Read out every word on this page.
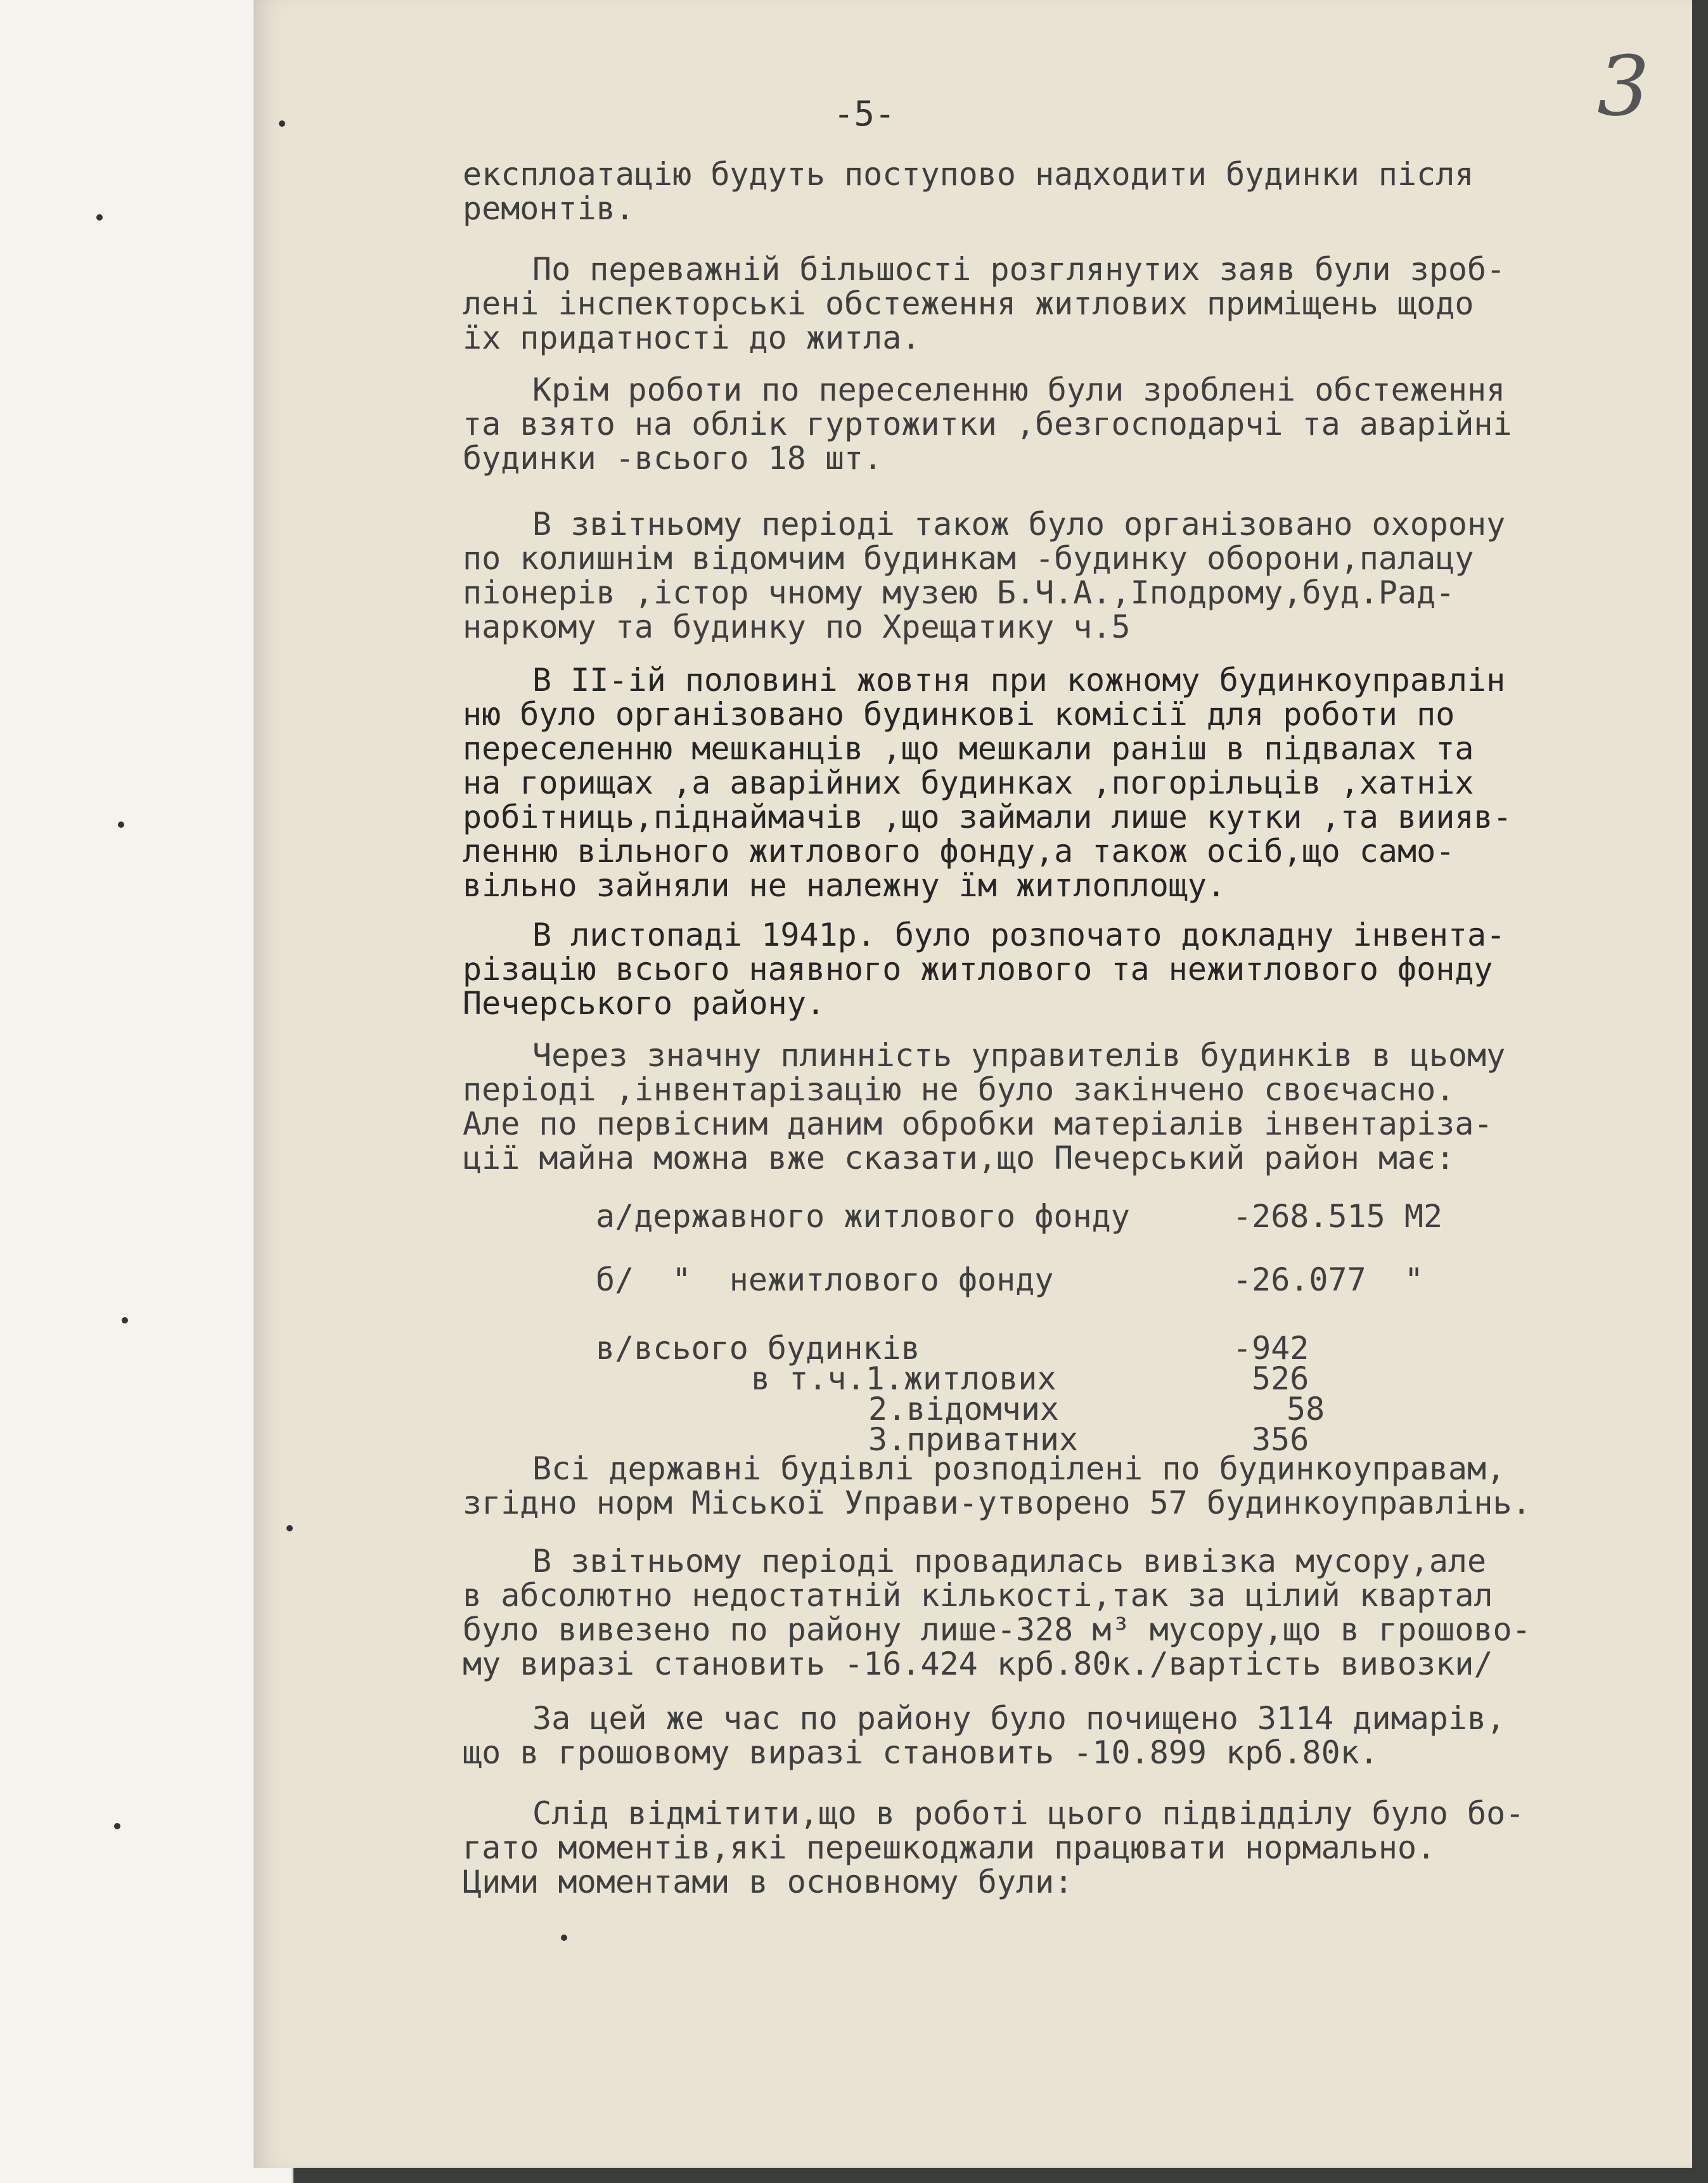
-5-	3

експлоатацію будуть поступово надходити будинки після
ремонтів.

По переважній більшості розглянутих заяв були зроб-
лені інспекторські обстеження житлових приміщень щодо
їх придатності до житла.

Крім роботи по переселенню були зроблені обстеження
та взято на облік гуртожитки ,безгосподарчі та аварійні
будинки -всього 18 шт.

В звітньому періоді також було організовано охорону
по колишнім відомчим будинкам -будинку оборони,палацу
піонерів ,істор чному музею Б.Ч.А.,Іподрому,буд.Рад-
наркому та будинку по Хрещатику ч.5

В ІІ-ій половині жовтня при кожному будинкоуправлін
ню було організовано будинкові комісії для роботи по
переселенню мешканців ,що мешкали раніш в підвалах та
на горищах ,а аварійних будинках ,погорільців ,хатніх
робітниць,піднаймачів ,що займали лише кутки ,та виияв-
ленню вільного житлового фонду,а також осіб,що само-
вільно зайняли не належну їм житлоплощу.

В листопаді 1941р. було розпочато докладну інвента-
різацію всього наявного житлового та нежитлового фонду
Печерського району.

Через значну плинність управителів будинків в цьому
періоді ,інвентарізацію не було закінчено своєчасно.
Але по первісним даним обробки матеріалів інвентарізa-
ції майна можна вже сказати,що Печерський район має:

а/державного житлового фонду	-268.515 М2
б/  "  нежитлового фонду	-26.077  "
в/всього будинків	-942
в т.ч.1.житлових	526
2.відомчих	58
3.приватних	356

Всі державні будівлі розподілені по будинкоуправам,
згідно норм Міської Управи-утворено 57 будинкоуправлінь.

В звітньому періоді провадилась вивізка мусору,але
в абсолютно недостатній кількості,так за цілий квартал
було вивезено по району лише-328 м³ мусору,що в грошово-
му виразі становить -16.424 крб.80к./вартість вивозки/

За цей же час по району було почищено 3114 димарів,
що в грошовому виразі становить -10.899 крб.80к.

Слід відмітити,що в роботі цього підвідділу було бо-
гато моментів,які перешкоджали працювати нормально.
Цими моментами в основному були:
